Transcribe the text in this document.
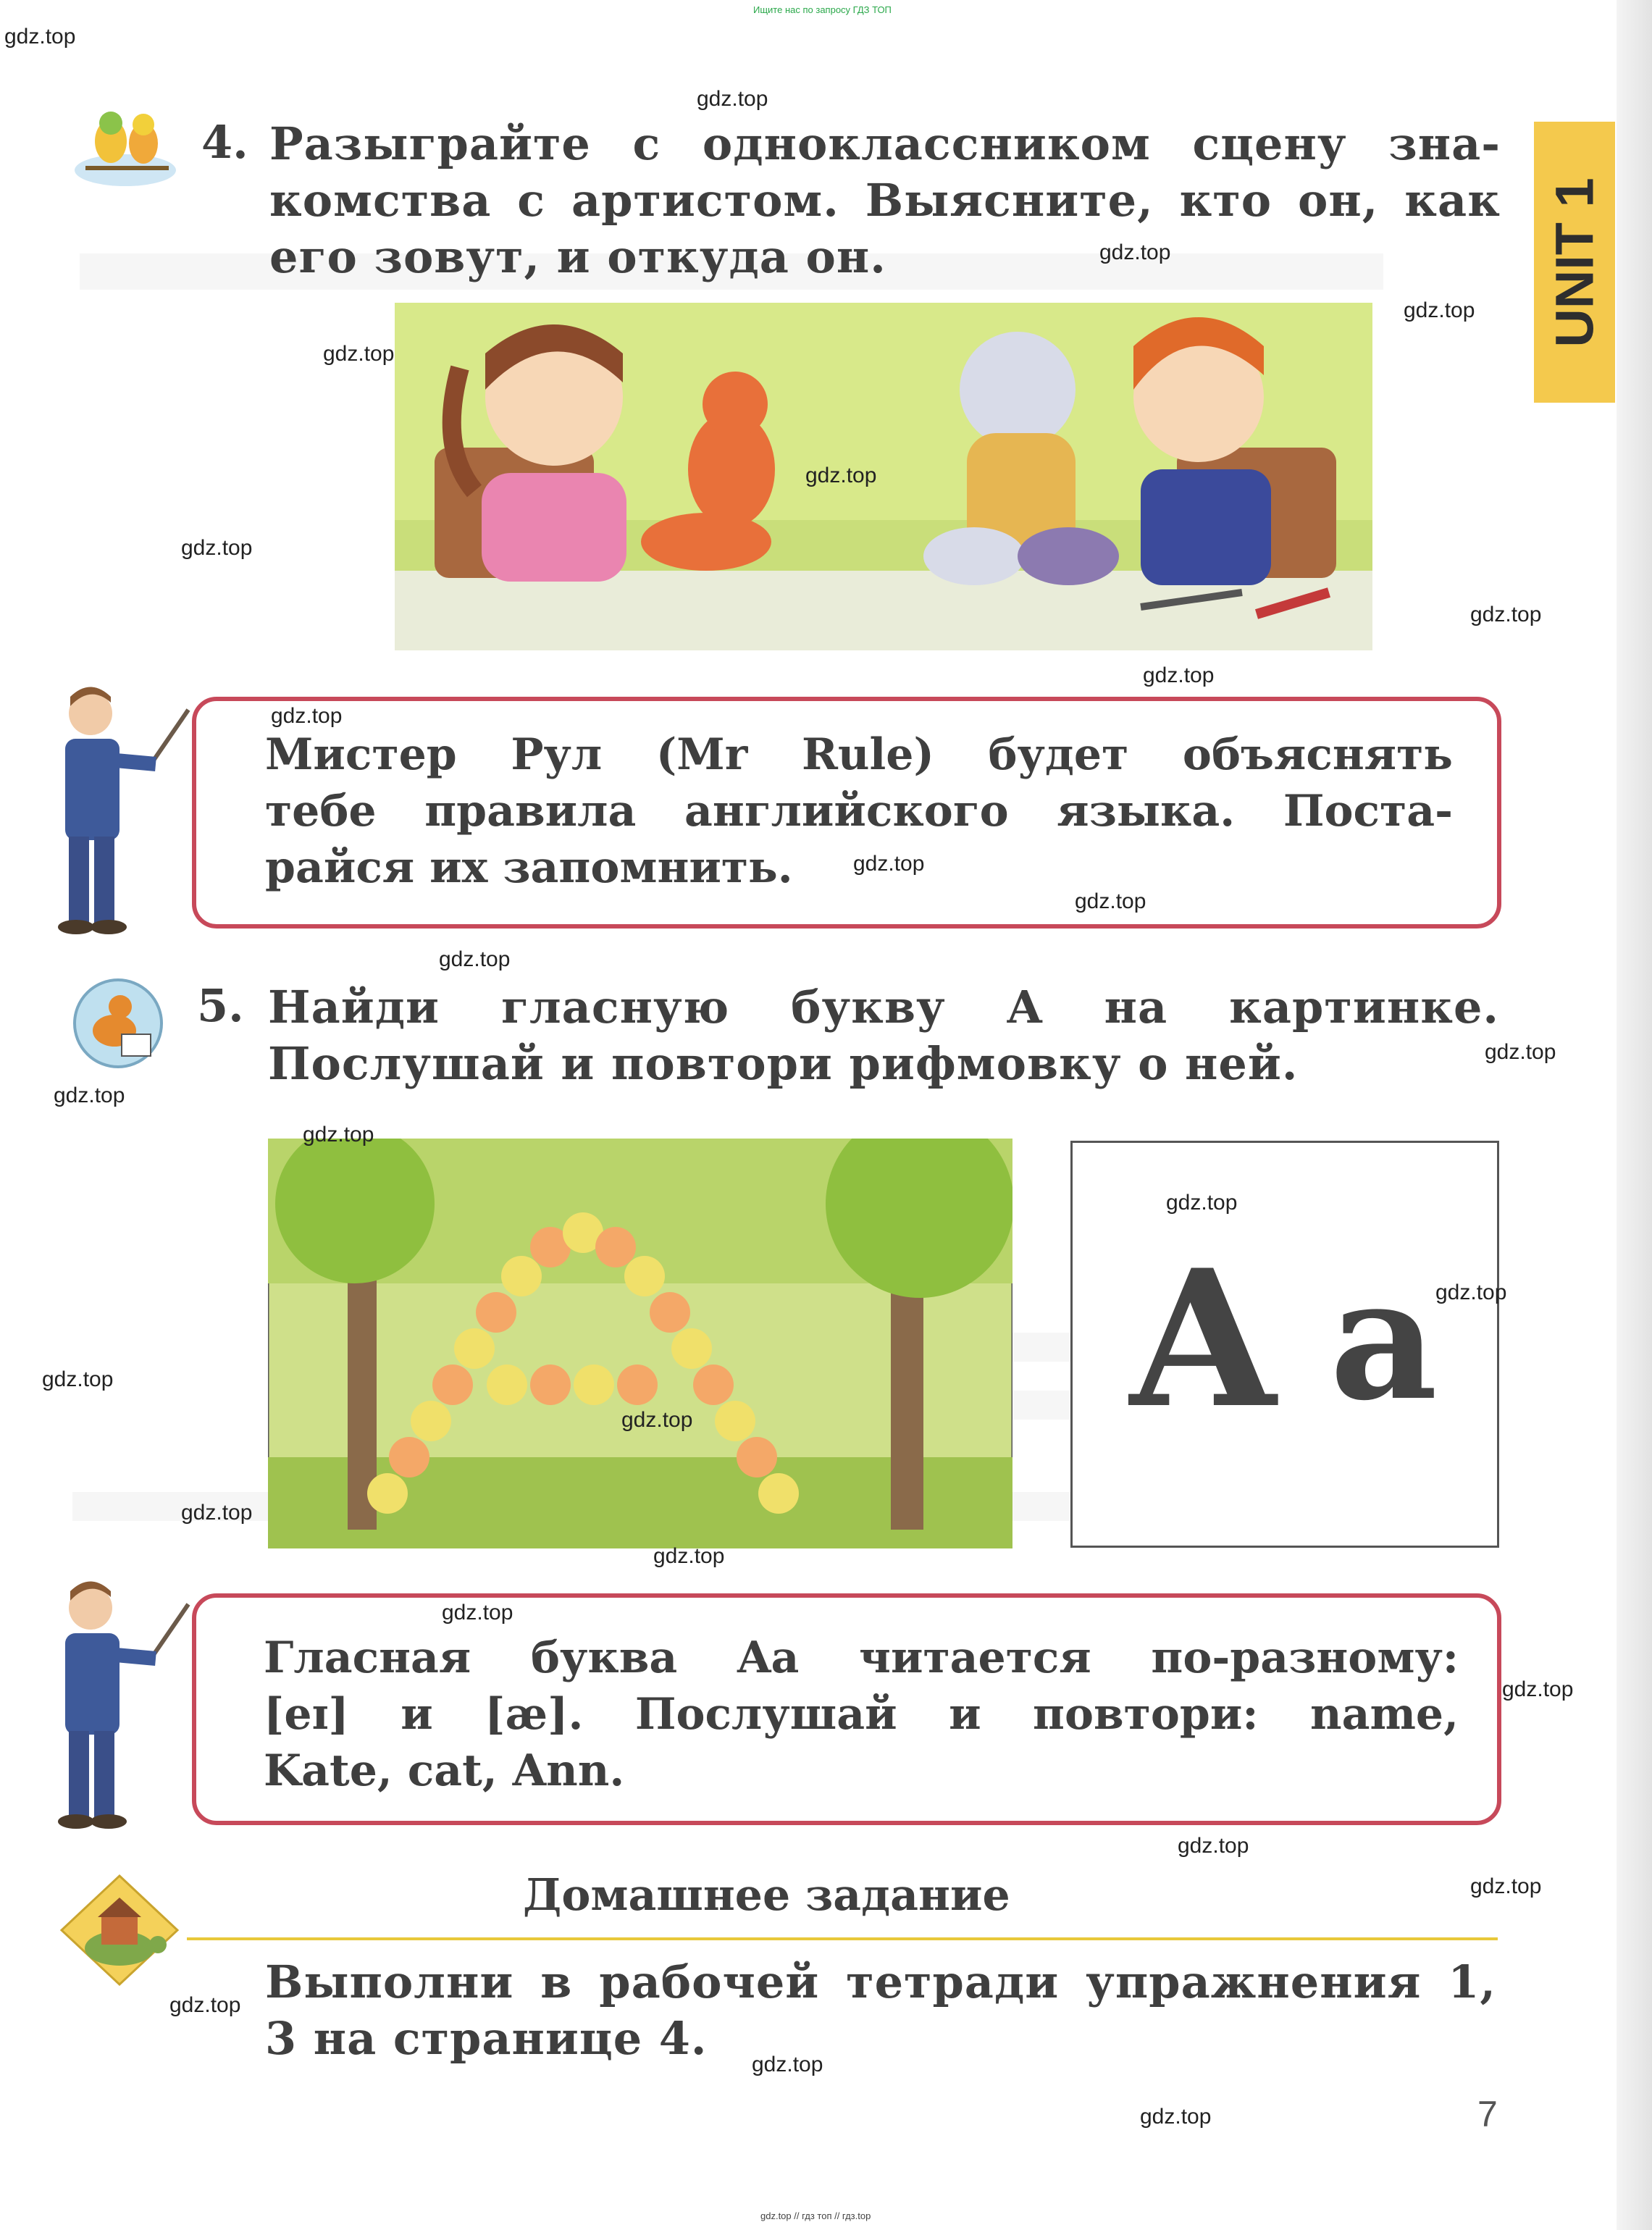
Ищите нас по запросу ГДЗ ТОП
UNIT 1
4. Разыграйте с одноклассником сцену зна-
комства с артистом. Выясните, кто он, как
его зовут, и откуда он.
Мистер Рул (Mr Rule) будет объяснять
тебе правила английского языка. Поста-
райся их запомнить.
5. Найди гласную букву A на картинке.
Послушай и повтори рифмовку о ней.
A a
Гласная буква Aa читается по-разному:
[eɪ] и [æ]. Послушай и повтори: name,
Kate, cat, Ann.
Домашнее задание
Выполни в рабочей тетради упражнения 1,
3 на странице 4.
7
gdz.top // гдз топ // гдз.top
gdz.top
gdz.top
gdz.top
gdz.top
gdz.top
gdz.top
gdz.top
gdz.top
gdz.top
gdz.top
gdz.top
gdz.top
gdz.top
gdz.top
gdz.top
gdz.top
gdz.top
gdz.top
gdz.top
gdz.top
gdz.top
gdz.top
gdz.top
gdz.top
gdz.top
gdz.top
gdz.top
gdz.top
gdz.top
